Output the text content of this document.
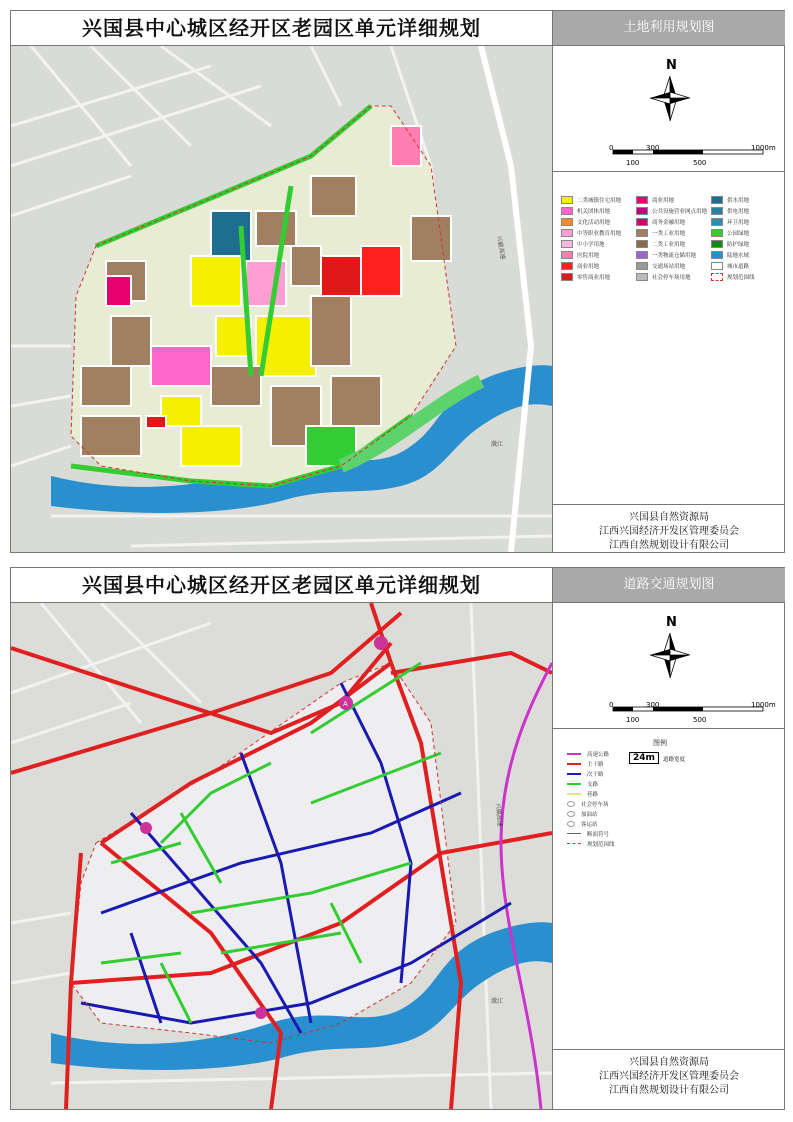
兴国县中心城区经开区老园区单元详细规划	土地利用规划图
兴赣高速
潋江
N
0	300	1000m
100	500
二类城镇住宅用地	商业用地	供水用地
机关团体用地	公共设施营业网点用地	供电用地
文化活动用地	商务金融用地	环卫用地
中等职业教育用地	一类工业用地	公园绿地
中小学用地	二类工业用地	防护绿地
医院用地	一类物流仓储用地	陆地水域
商业用地	交通场站用地	城市道路
零售商业用地	社会停车场用地	规划范围线
兴国县自然资源局
江西兴国经济开发区管理委员会
江西自然规划设计有限公司
兴国县中心城区经开区老园区单元详细规划	道路交通规划图
A
兴赣高速
潋江
N
0	300	1000m
100	500
图例
24m	道路宽度
高速公路
主干路
次干路
支路
巷路
社会停车场
加油站
客运站
断面符号
规划范围线
兴国县自然资源局
江西兴国经济开发区管理委员会
江西自然规划设计有限公司
